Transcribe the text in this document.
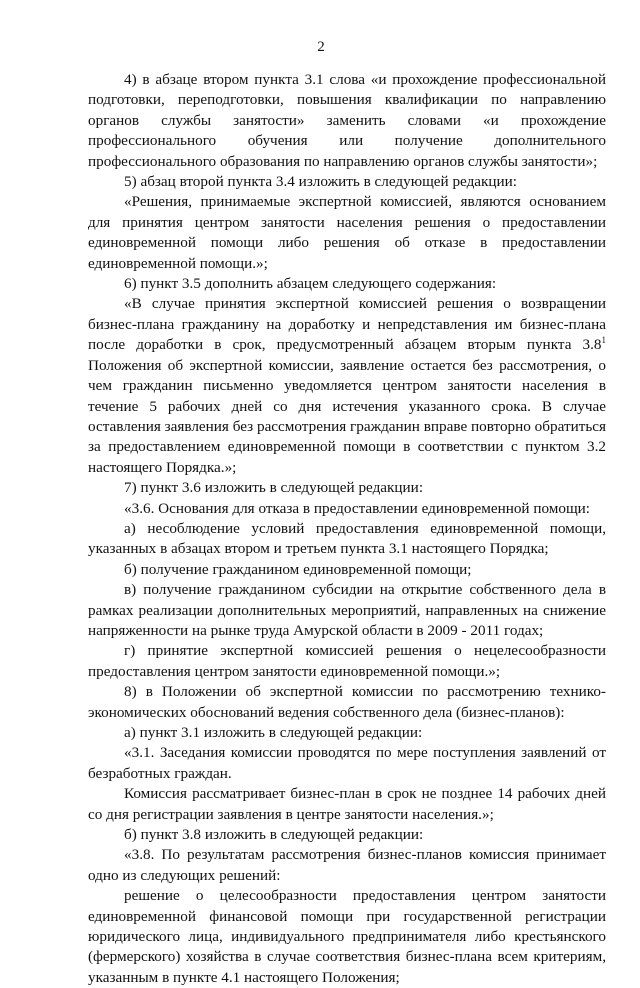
2

4) в абзаце втором пункта 3.1 слова «и прохождение профессиональной подготовки, переподготовки, повышения квалификации по направлению органов службы занятости» заменить словами «и прохождение профессионального обучения или получение дополнительного профессионального образования по направлению органов службы занятости»;

5) абзац второй пункта 3.4 изложить в следующей редакции:

«Решения, принимаемые экспертной комиссией, являются основанием для принятия центром занятости населения решения о предоставлении единовременной помощи либо решения об отказе в предоставлении единовременной помощи.»;

6) пункт 3.5 дополнить абзацем следующего содержания:

«В случае принятия экспертной комиссией решения о возвращении бизнес-плана гражданину на доработку и непредставления им бизнес-плана после доработки в срок, предусмотренный абзацем вторым пункта $3.8^1$ Положения об экспертной комиссии, заявление остается без рассмотрения, о чем гражданин письменно уведомляется центром занятости населения в течение 5 рабочих дней со дня истечения указанного срока. В случае оставления заявления без рассмотрения гражданин вправе повторно обратиться за предоставлением единовременной помощи в соответствии с пунктом 3.2 настоящего Порядка.»;

7) пункт 3.6 изложить в следующей редакции:

«3.6. Основания для отказа в предоставлении единовременной помощи:

а) несоблюдение условий предоставления единовременной помощи, указанных в абзацах втором и третьем пункта 3.1 настоящего Порядка;

б) получение гражданином единовременной помощи;

в) получение гражданином субсидии на открытие собственного дела в рамках реализации дополнительных мероприятий, направленных на снижение напряженности на рынке труда Амурской области в 2009 - 2011 годах;

г) принятие экспертной комиссией решения о нецелесообразности предоставления центром занятости единовременной помощи.»;

8) в Положении об экспертной комиссии по рассмотрению технико-экономических обоснований ведения собственного дела (бизнес-планов):

а) пункт 3.1 изложить в следующей редакции:

«3.1. Заседания комиссии проводятся по мере поступления заявлений от безработных граждан.

Комиссия рассматривает бизнес-план в срок не позднее 14 рабочих дней со дня регистрации заявления в центре занятости населения.»;

б) пункт 3.8 изложить в следующей редакции:

«3.8. По результатам рассмотрения бизнес-планов комиссия принимает одно из следующих решений:

решение о целесообразности предоставления центром занятости единовременной финансовой помощи при государственной регистрации юридического лица, индивидуального предпринимателя либо крестьянского (фермерского) хозяйства в случае соответствия бизнес-плана всем критериям, указанным в пункте 4.1 настоящего Положения;
